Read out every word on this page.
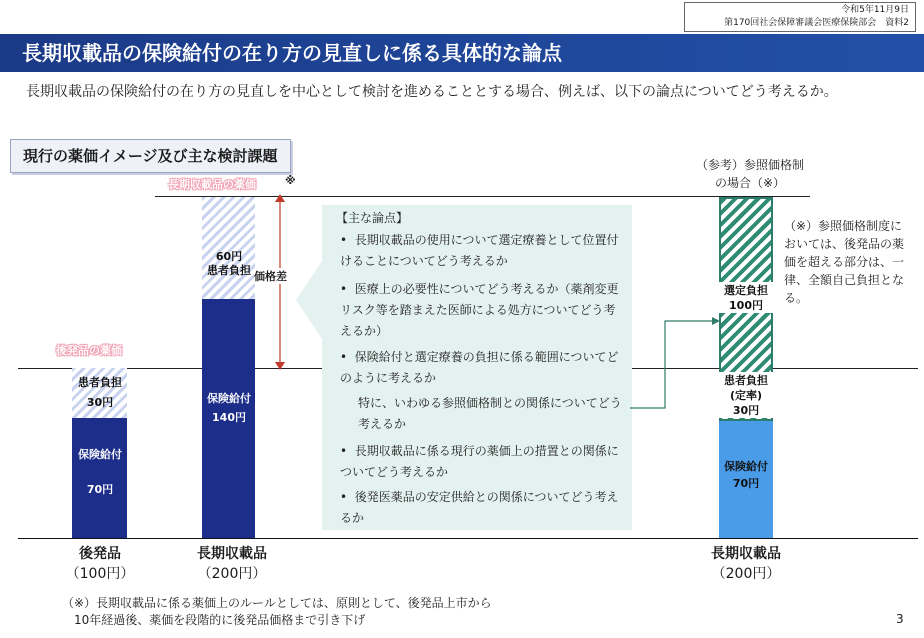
令和5年11月9日
第170回社会保障審議会医療保険部会　資料2
長期収載品の保険給付の在り方の見直しに係る具体的な論点
長期収載品の保険給付の在り方の見直しを中心として検討を進めることとする場合、例えば、以下の論点についてどう考えるか。
現行の薬価イメージ及び主な検討課題
長期収載品の薬価	※
後発品の薬価
患者負担
30円
保険給付
70円
後発品
（100円）
60円
患者負担
保険給付
140円
長期収載品
（200円）
価格差
【主な論点】
•  長期収載品の使用について選定療養として位置付けることについてどう考えるか
•  医療上の必要性についてどう考えるか（薬剤変更リスク等を踏まえた医師による処方についてどう考えるか）
•  保険給付と選定療養の負担に係る範囲についてどのように考えるか
特に、いわゆる参照価格制との関係についてどう考えるか
•  長期収載品に係る現行の薬価上の措置との関係についてどう考えるか
•  後発医薬品の安定供給との関係についてどう考えるか
（参考）参照価格制
の場合（※）
選定負担
100円
患者負担
(定率)
30円
保険給付
70円
長期収載品
（200円）
（※）参照価格制度においては、後発品の薬価を超える部分は、一律、全額自己負担となる。
（※）長期収載品に係る薬価上のルールとしては、原則として、後発品上市から
10年経過後、薬価を段階的に後発品価格まで引き下げ	3
